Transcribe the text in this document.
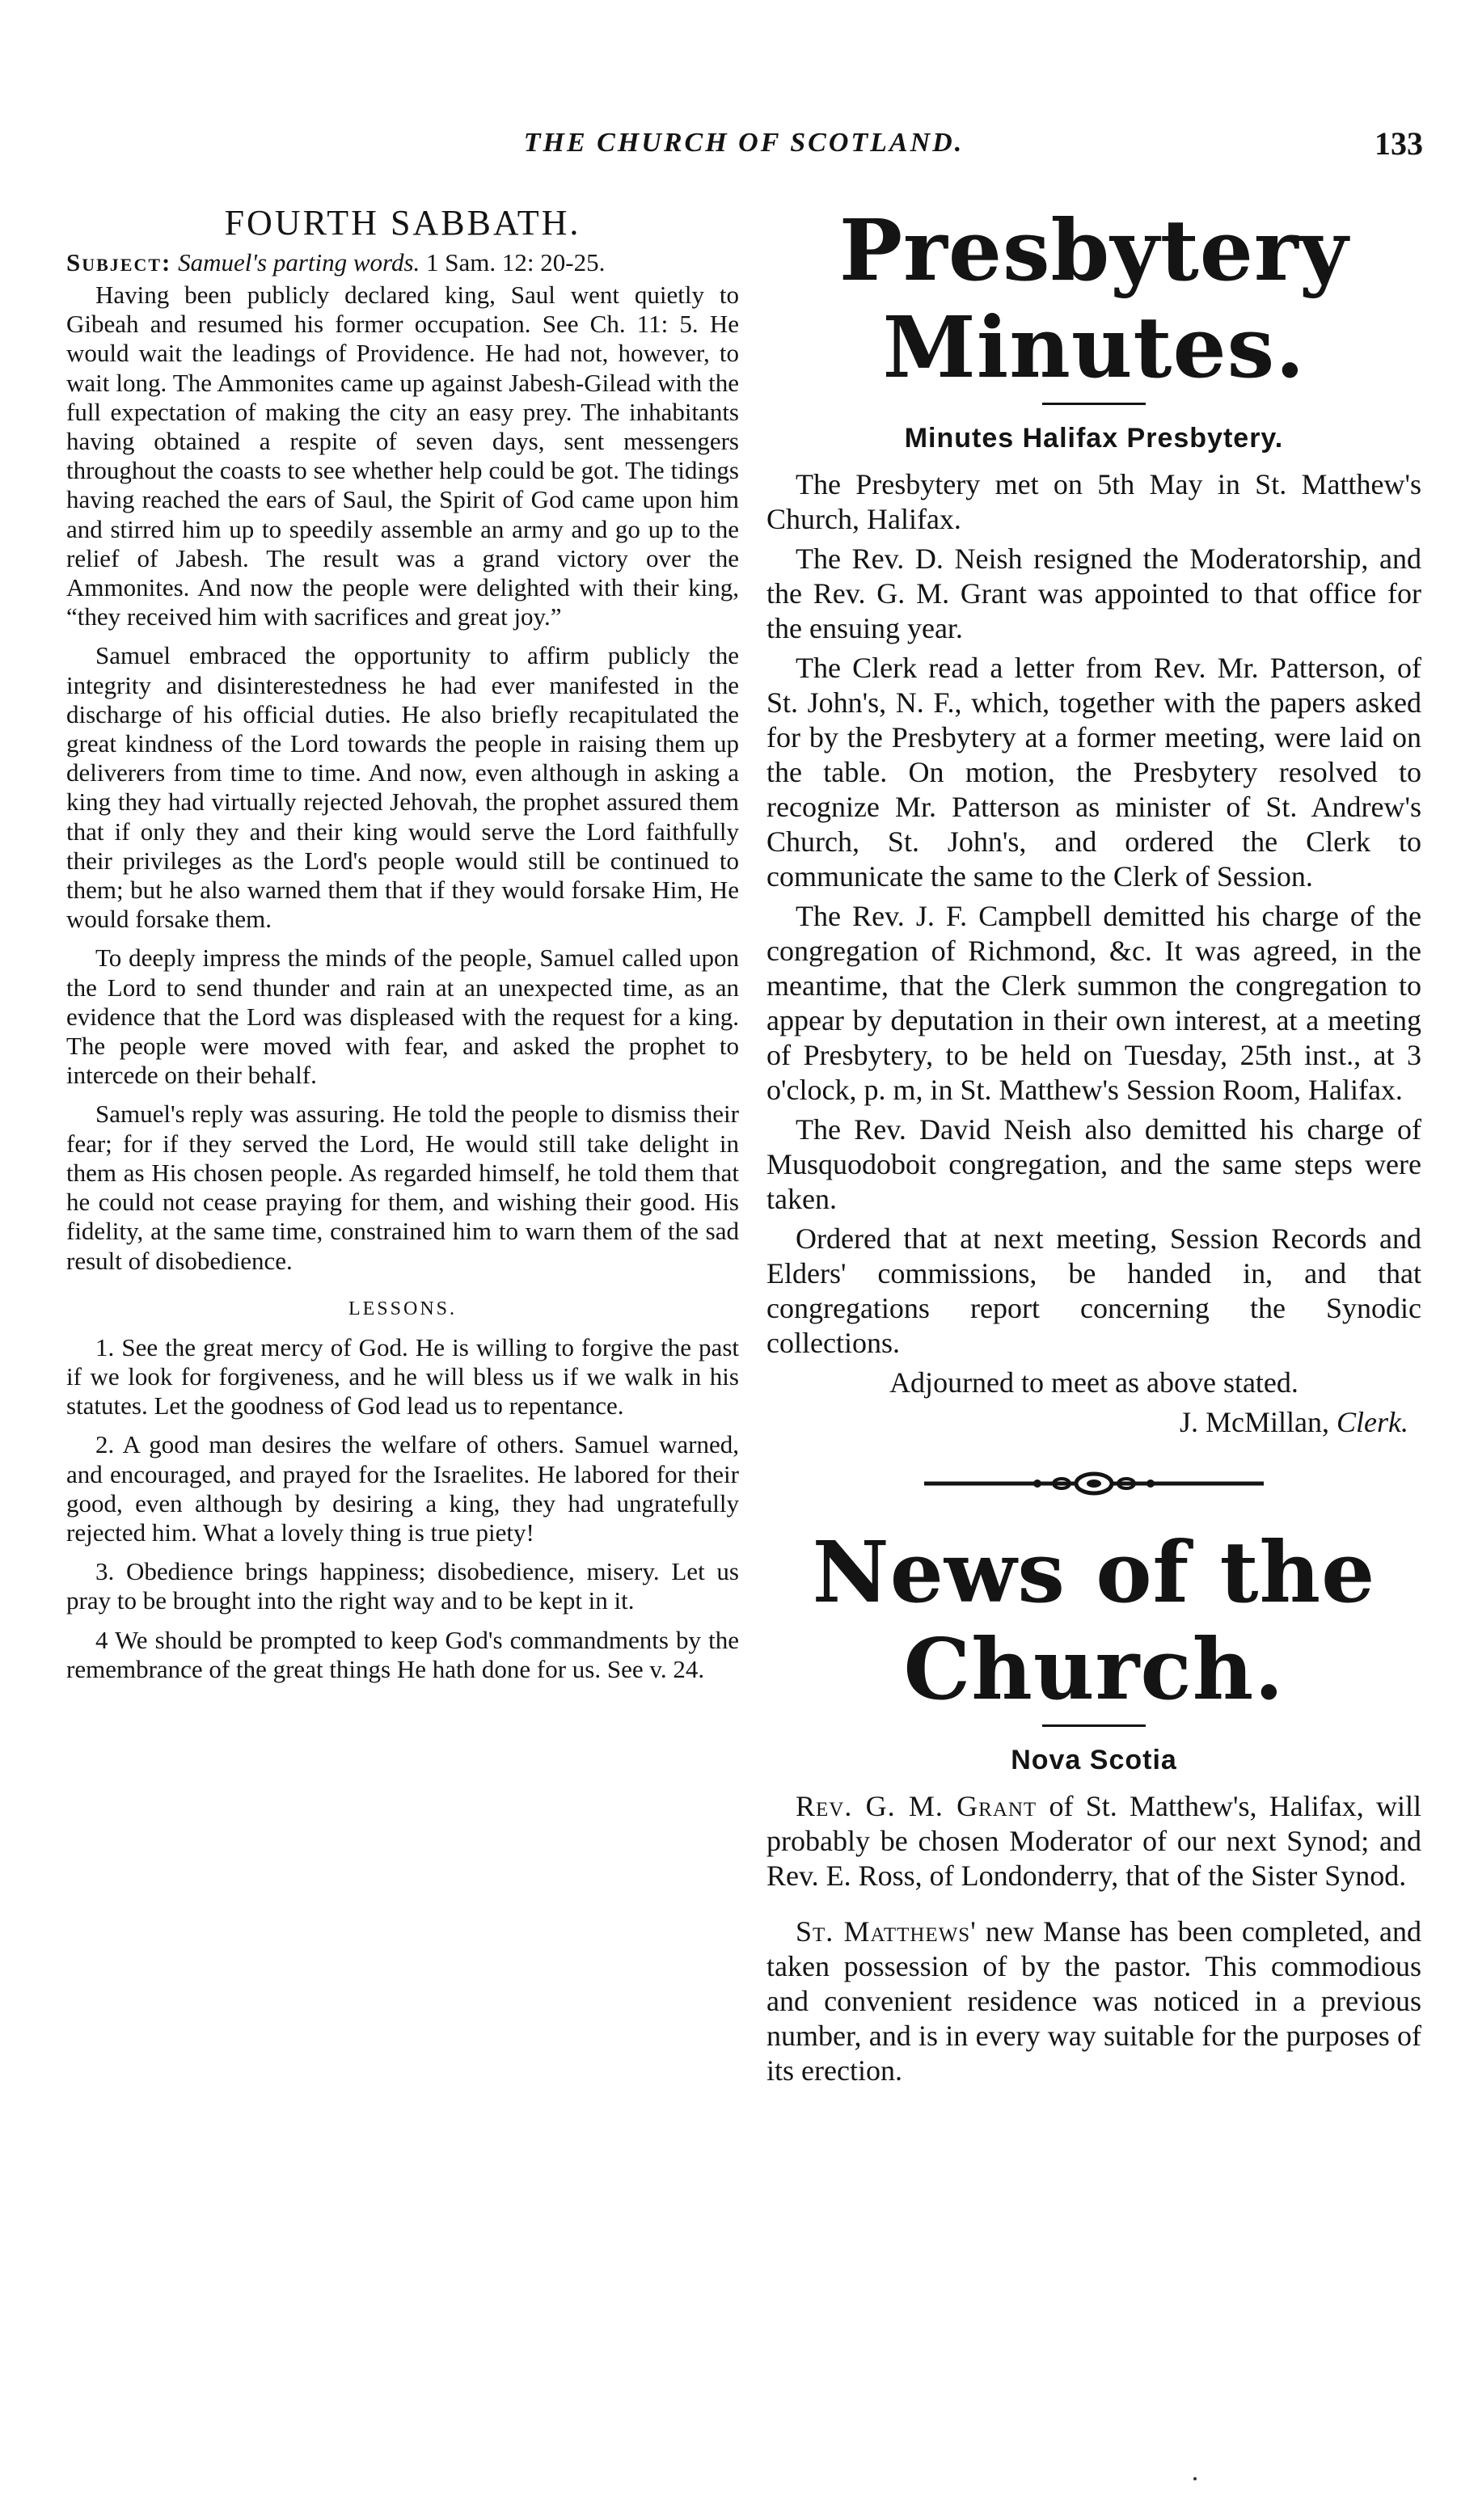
THE CHURCH OF SCOTLAND.	133
FOURTH SABBATH.

Subject: Samuel's parting words. 1 Sam. 12: 20-25.

Having been publicly declared king, Saul went quietly to Gibeah and resumed his former occupation. See Ch. 11: 5. He would wait the leadings of Providence. He had not, however, to wait long. The Ammonites came up against Jabesh-Gilead with the full expectation of making the city an easy prey. The inhabitants having obtained a respite of seven days, sent messengers throughout the coasts to see whether help could be got. The tidings having reached the ears of Saul, the Spirit of God came upon him and stirred him up to speedily assemble an army and go up to the relief of Jabesh. The result was a grand victory over the Ammonites. And now the people were delighted with their king, “they received him with sacrifices and great joy.”

Samuel embraced the opportunity to affirm publicly the integrity and disinterestedness he had ever manifested in the discharge of his official duties. He also briefly recapitulated the great kindness of the Lord towards the people in raising them up deliverers from time to time. And now, even although in asking a king they had virtually rejected Jehovah, the prophet assured them that if only they and their king would serve the Lord faithfully their privileges as the Lord's people would still be continued to them; but he also warned them that if they would forsake Him, He would forsake them.

To deeply impress the minds of the people, Samuel called upon the Lord to send thunder and rain at an unexpected time, as an evidence that the Lord was displeased with the request for a king. The people were moved with fear, and asked the prophet to intercede on their behalf.

Samuel's reply was assuring. He told the people to dismiss their fear; for if they served the Lord, He would still take delight in them as His chosen people. As regarded himself, he told them that he could not cease praying for them, and wishing their good. His fidelity, at the same time, constrained him to warn them of the sad result of disobedience.

LESSONS.

1. See the great mercy of God. He is willing to forgive the past if we look for forgiveness, and he will bless us if we walk in his statutes. Let the goodness of God lead us to repentance.

2. A good man desires the welfare of others. Samuel warned, and encouraged, and prayed for the Israelites. He labored for their good, even although by desiring a king, they had ungratefully rejected him. What a lovely thing is true piety!

3. Obedience brings happiness; disobedience, misery. Let us pray to be brought into the right way and to be kept in it.

4 We should be prompted to keep God's commandments by the remembrance of the great things He hath done for us. See v. 24.

Presbytery Minutes.
Minutes Halifax Presbytery.

The Presbytery met on 5th May in St. Matthew's Church, Halifax.

The Rev. D. Neish resigned the Moderatorship, and the Rev. G. M. Grant was appointed to that office for the ensuing year.

The Clerk read a letter from Rev. Mr. Patterson, of St. John's, N. F., which, together with the papers asked for by the Presbytery at a former meeting, were laid on the table. On motion, the Presbytery resolved to recognize Mr. Patterson as minister of St. Andrew's Church, St. John's, and ordered the Clerk to communicate the same to the Clerk of Session.

The Rev. J. F. Campbell demitted his charge of the congregation of Richmond, &c. It was agreed, in the meantime, that the Clerk summon the congregation to appear by deputation in their own interest, at a meeting of Presbytery, to be held on Tuesday, 25th inst., at 3 o'clock, p. m, in St. Matthew's Session Room, Halifax.

The Rev. David Neish also demitted his charge of Musquodoboit congregation, and the same steps were taken.

Ordered that at next meeting, Session Records and Elders' commissions, be handed in, and that congregations report concerning the Synodic collections.

Adjourned to meet as above stated.

J. McMillan, Clerk.

News of the Church.
Nova Scotia

Rev. G. M. Grant of St. Matthew's, Halifax, will probably be chosen Moderator of our next Synod; and Rev. E. Ross, of Londonderry, that of the Sister Synod.

St. Matthews' new Manse has been completed, and taken possession of by the pastor. This commodious and convenient residence was noticed in a previous number, and is in every way suitable for the purposes of its erection.
